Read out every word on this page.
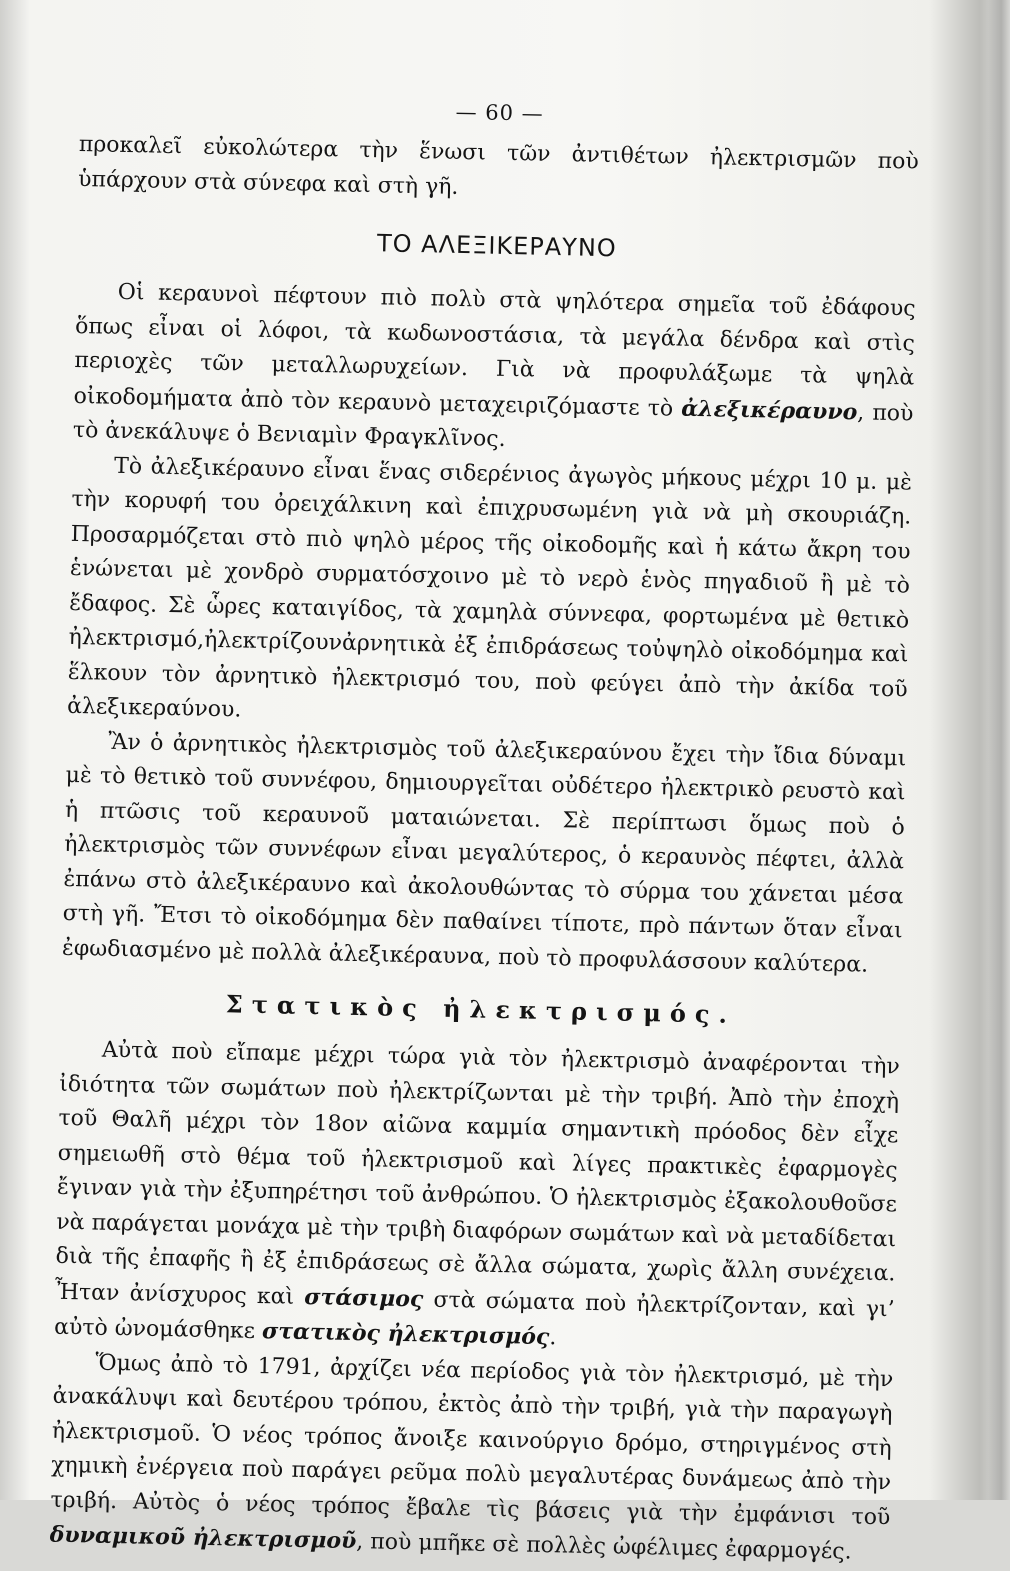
— 60 —

προκαλεῖ εὐκολώτερα τὴν ἕνωσι τῶν ἀντιθέτων ἠλεκτρισμῶν ποὺ ὑπάρχουν στὰ σύνεφα καὶ στὴ γῆ.

ΤΟ ΑΛΕΞΙΚΕΡΑΥΝΟ

Οἱ κεραυνοὶ πέφτουν πιὸ πολὺ στὰ ψηλότερα σημεῖα τοῦ ἐδάφους ὅπως εἶναι οἱ λόφοι, τὰ κωδωνοστάσια, τὰ μεγάλα δένδρα καὶ στὶς περιοχὲς τῶν μεταλλωρυχείων. Γιὰ νὰ προφυλάξωμε τὰ ψηλὰ οἰκοδομήματα ἀπὸ τὸν κεραυνὸ μεταχειριζόμαστε τὸ ἀλεξικέραυνο, ποὺ τὸ ἀνεκάλυψε ὁ Βενιαμὶν Φραγκλῖνος.

Τὸ ἀλεξικέραυνο εἶναι ἕνας σιδερένιος ἀγωγὸς μήκους μέχρι 10 μ. μὲ τὴν κορυφή του ὀρειχάλκινη καὶ ἐπιχρυσωμένη γιὰ νὰ μὴ σκουριάζη. Προσαρμόζεται στὸ πιὸ ψηλὸ μέρος τῆς οἰκοδομῆς καὶ ἡ κάτω ἄκρη του ἑνώνεται μὲ χονδρὸ συρματόσχοινο μὲ τὸ νερὸ ἑνὸς πηγαδιοῦ ἢ μὲ τὸ ἔδαφος. Σὲ ὧρες καταιγίδος, τὰ χαμηλὰ σύννεφα, φορτωμένα μὲ θετικὸ ἠλεκτρισμό,ἠλεκτρίζουνἀρνητικὰ ἐξ ἐπιδράσεως τοὐψηλὸ οἰκοδόμημα καὶ ἕλκουν τὸν ἀρνητικὸ ἠλεκτρισμό του, ποὺ φεύγει ἀπὸ τὴν ἀκίδα τοῦ ἀλεξικεραύνου.

Ἂν ὁ ἀρνητικὸς ἠλεκτρισμὸς τοῦ ἀλεξικεραύνου ἔχει τὴν ἴδια δύναμι μὲ τὸ θετικὸ τοῦ συννέφου, δημιουργεῖται οὐδέτερο ἠλεκτρικὸ ρευστὸ καὶ ἡ πτῶσις τοῦ κεραυνοῦ ματαιώνεται. Σὲ περίπτωσι ὅμως ποὺ ὁ ἠλεκτρισμὸς τῶν συννέφων εἶναι μεγαλύτερος, ὁ κεραυνὸς πέφτει, ἀλλὰ ἐπάνω στὸ ἀλεξικέραυνο καὶ ἀκολουθώντας τὸ σύρμα του χάνεται μέσα στὴ γῆ. Ἔτσι τὸ οἰκοδόμημα δὲν παθαίνει τίποτε, πρὸ πάντων ὅταν εἶναι ἐφωδιασμένο μὲ πολλὰ ἀλεξικέραυνα, ποὺ τὸ προφυλάσσουν καλύτερα.

Στατικὸς ἠλεκτρισμός.

Αὐτὰ ποὺ εἴπαμε μέχρι τώρα γιὰ τὸν ἠλεκτρισμὸ ἀναφέρονται τὴν ἰδιότητα τῶν σωμάτων ποὺ ἠλεκτρίζωνται μὲ τὴν τριβή. Ἀπὸ τὴν ἐποχὴ τοῦ Θαλῆ μέχρι τὸν 18ον αἰῶνα καμμία σημαντικὴ πρόοδος δὲν εἶχε σημειωθῆ στὸ θέμα τοῦ ἠλεκτρισμοῦ καὶ λίγες πρακτικὲς ἐφαρμογὲς ἔγιναν γιὰ τὴν ἐξυπηρέτησι τοῦ ἀνθρώπου. Ὁ ἠλεκτρισμὸς ἐξακολουθοῦσε νὰ παράγεται μονάχα μὲ τὴν τριβὴ διαφόρων σωμάτων καὶ νὰ μεταδίδεται διὰ τῆς ἐπαφῆς ἢ ἐξ ἐπιδράσεως σὲ ἄλλα σώματα, χωρὶς ἄλλη συνέχεια. Ἦταν ἀνίσχυρος καὶ στάσιμος στὰ σώματα ποὺ ἠλεκτρίζονταν, καὶ γι’ αὐτὸ ὠνομάσθηκε στατικὸς ἠλεκτρισμός.

Ὅμως ἀπὸ τὸ 1791, ἀρχίζει νέα περίοδος γιὰ τὸν ἠλεκτρισμό, μὲ τὴν ἀνακάλυψι καὶ δευτέρου τρόπου, ἐκτὸς ἀπὸ τὴν τριβή, γιὰ τὴν παραγωγὴ ἠλεκτρισμοῦ. Ὁ νέος τρόπος ἄνοιξε καινούργιο δρόμο, στηριγμένος στὴ χημικὴ ἐνέργεια ποὺ παράγει ρεῦμα πολὺ μεγαλυτέρας δυνάμεως ἀπὸ τὴν τριβή. Αὐτὸς ὁ νέος τρόπος ἔβαλε τὶς βάσεις γιὰ τὴν ἐμφάνισι τοῦ δυναμικοῦ ἠλεκτρισμοῦ, ποὺ μπῆκε σὲ πολλὲς ὠφέλιμες ἐφαρμογές.
